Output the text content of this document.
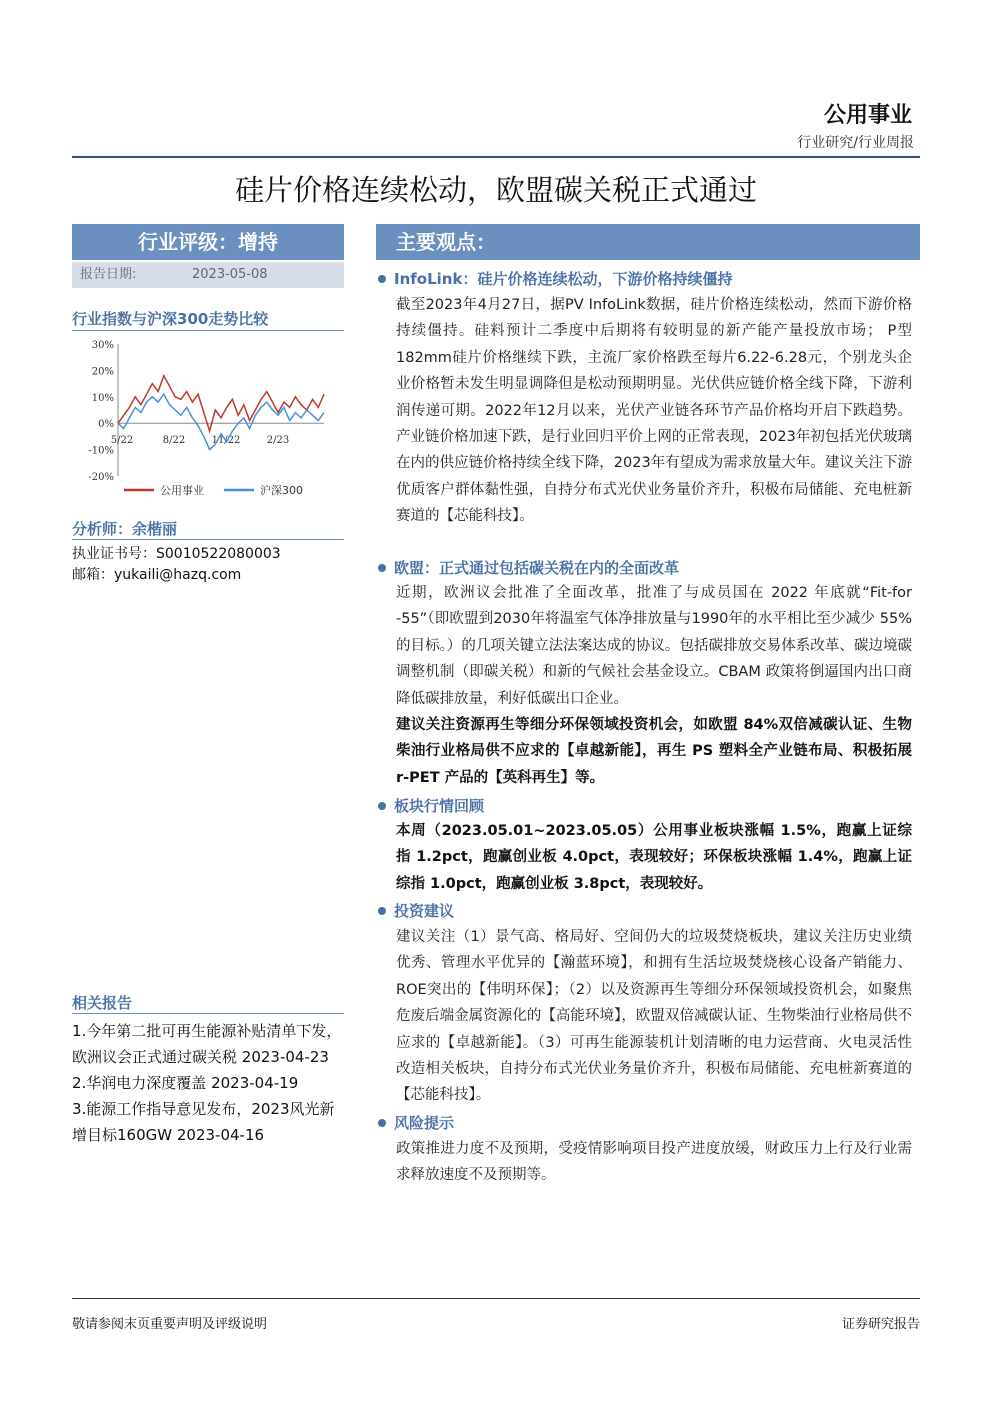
公用事业
行业研究/行业周报
硅片价格连续松动，欧盟碳关税正式通过
行业评级：增持
报告日期:	2023-05-08
行业指数与沪深300走势比较
30%
20%
10%
0%
-10%
-20%
5/22	8/22	11/22	2/23
公用事业	沪深300
分析师：余楷丽
执业证书号：S0010522080003
邮箱：yukaili@hazq.com
相关报告
1.今年第二批可再生能源补贴清单下发，欧洲议会正式通过碳关税 2023-04-23
2.华润电力深度覆盖 2023-04-19
3.能源工作指导意见发布，2023风光新增目标160GW 2023-04-16
主要观点：
InfoLink：硅片价格连续松动，下游价格持续僵持
截至2023年4月27日，据PV InfoLink数据，硅片价格连续松动，然而下游价格持续僵持。硅料预计二季度中后期将有较明显的新产能产量投放市场； P型182mm硅片价格继续下跌，主流厂家价格跌至每片6.22-6.28元，个别龙头企业价格暂未发生明显调降但是松动预期明显。光伏供应链价格全线下降，下游利润传递可期。2022年12月以来，光伏产业链各环节产品价格均开启下跌趋势。产业链价格加速下跌，是行业回归平价上网的正常表现，2023年初包括光伏玻璃在内的供应链价格持续全线下降，2023年有望成为需求放量大年。建议关注下游优质客户群体黏性强，自持分布式光伏业务量价齐升，积极布局储能、充电桩新赛道的【芯能科技】。
欧盟：正式通过包括碳关税在内的全面改革
近期，欧洲议会批准了全面改革，批准了与成员国在 2022 年底就“Fit-for -55”（即欧盟到2030年将温室气体净排放量与1990年的水平相比至少减少 55%的目标。）的几项关键立法法案达成的协议。包括碳排放交易体系改革、碳边境碳调整机制（即碳关税）和新的气候社会基金设立。CBAM 政策将倒逼国内出口商降低碳排放量，利好低碳出口企业。
建议关注资源再生等细分环保领域投资机会，如欧盟 84%双倍减碳认证、生物柴油行业格局供不应求的【卓越新能】，再生 PS 塑料全产业链布局、积极拓展 r-PET 产品的【英科再生】等。
板块行情回顾
本周（2023.05.01~2023.05.05）公用事业板块涨幅 1.5%，跑赢上证综指 1.2pct，跑赢创业板 4.0pct，表现较好；环保板块涨幅 1.4%，跑赢上证综指 1.0pct，跑赢创业板 3.8pct，表现较好。
投资建议
建议关注（1）景气高、格局好、空间仍大的垃圾焚烧板块，建议关注历史业绩优秀、管理水平优异的【瀚蓝环境】，和拥有生活垃圾焚烧核心设备产销能力、ROE突出的【伟明环保】；（2）以及资源再生等细分环保领域投资机会，如聚焦危废后端金属资源化的【高能环境】，欧盟双倍减碳认证、生物柴油行业格局供不应求的【卓越新能】。（3）可再生能源装机计划清晰的电力运营商、火电灵活性改造相关板块，自持分布式光伏业务量价齐升，积极布局储能、充电桩新赛道的【芯能科技】。
风险提示
政策推进力度不及预期，受疫情影响项目投产进度放缓，财政压力上行及行业需求释放速度不及预期等。
敬请参阅末页重要声明及评级说明	证券研究报告
